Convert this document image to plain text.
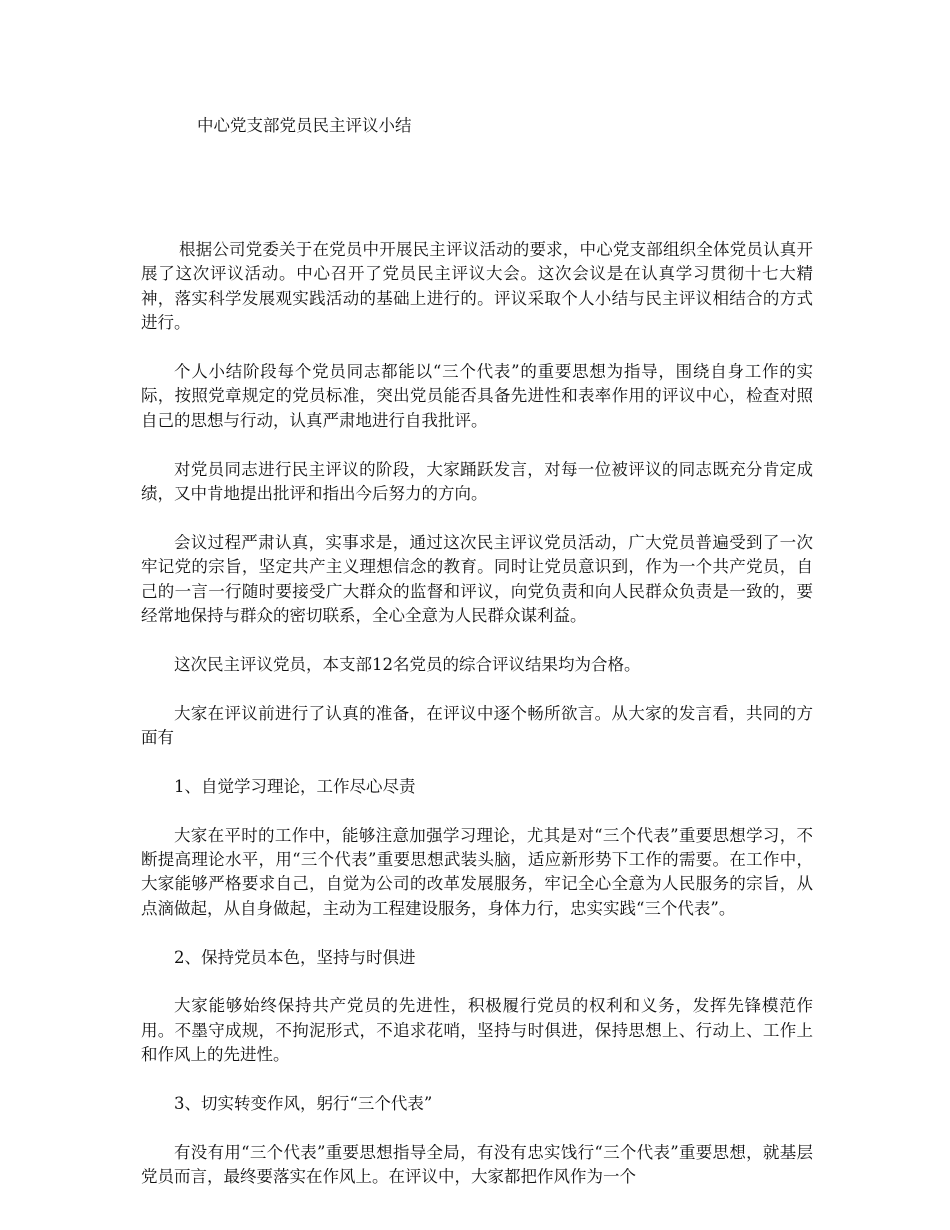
中心党支部党员民主评议小结

根据公司党委关于在党员中开展民主评议活动的要求，中心党支部组织全体党员认真开展了这次评议活动。中心召开了党员民主评议大会。这次会议是在认真学习贯彻十七大精神，落实科学发展观实践活动的基础上进行的。评议采取个人小结与民主评议相结合的方式进行。

个人小结阶段每个党员同志都能以“三个代表”的重要思想为指导，围绕自身工作的实际，按照党章规定的党员标准，突出党员能否具备先进性和表率作用的评议中心，检查对照自己的思想与行动，认真严肃地进行自我批评。

对党员同志进行民主评议的阶段，大家踊跃发言，对每一位被评议的同志既充分肯定成绩，又中肯地提出批评和指出今后努力的方向。

会议过程严肃认真，实事求是，通过这次民主评议党员活动，广大党员普遍受到了一次牢记党的宗旨，坚定共产主义理想信念的教育。同时让党员意识到，作为一个共产党员，自己的一言一行随时要接受广大群众的监督和评议，向党负责和向人民群众负责是一致的，要经常地保持与群众的密切联系，全心全意为人民群众谋利益。

这次民主评议党员，本支部12名党员的综合评议结果均为合格。

大家在评议前进行了认真的准备，在评议中逐个畅所欲言。从大家的发言看，共同的方面有

1、自觉学习理论，工作尽心尽责

大家在平时的工作中，能够注意加强学习理论，尤其是对“三个代表”重要思想学习，不断提高理论水平，用“三个代表”重要思想武装头脑，适应新形势下工作的需要。在工作中，大家能够严格要求自己，自觉为公司的改革发展服务，牢记全心全意为人民服务的宗旨，从点滴做起，从自身做起，主动为工程建设服务，身体力行，忠实实践“三个代表”。

2、保持党员本色，坚持与时俱进

大家能够始终保持共产党员的先进性，积极履行党员的权利和义务，发挥先锋模范作用。不墨守成规，不拘泥形式，不追求花哨，坚持与时俱进，保持思想上、行动上、工作上和作风上的先进性。

3、切实转变作风，躬行“三个代表”

有没有用“三个代表”重要思想指导全局，有没有忠实饯行“三个代表”重要思想，就基层党员而言，最终要落实在作风上。在评议中，大家都把作风作为一个
